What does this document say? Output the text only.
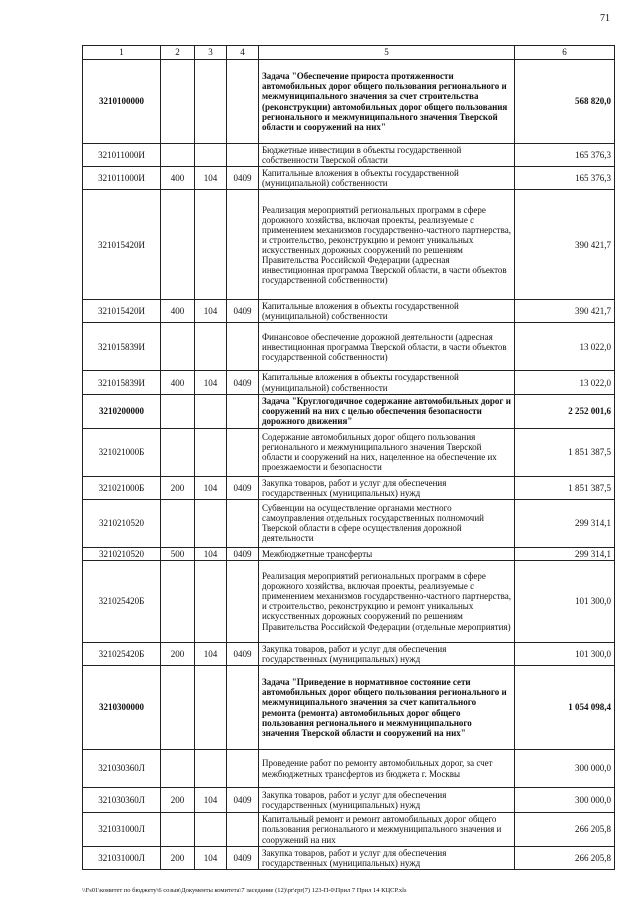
71
1	2	3	4	5	6
3210100000				Задача "Обеспечение прироста протяженности автомобильных дорог общего пользования регионального и межмуниципального значения за счет строительства (реконструкции) автомобильных дорог общего пользования регионального и межмуниципального значения Тверской области и сооружений на них"	568 820,0
321011000И				Бюджетные инвестиции в объекты государственной собственности Тверской области	165 376,3
321011000И	400	104	0409	Капитальные вложения в объекты государственной (муниципальной) собственности	165 376,3
321015420И				Реализация мероприятий региональных программ в сфере дорожного хозяйства, включая проекты, реализуемые с применением механизмов государственно-частного партнерства, и строительство, реконструкцию и ремонт уникальных искусственных дорожных сооружений по решениям Правительства Российской Федерации (адресная инвестиционная программа Тверской области, в части объектов государственной собственности)	390 421,7
321015420И	400	104	0409	Капитальные вложения в объекты государственной (муниципальной) собственности	390 421,7
321015839И				Финансовое обеспечение дорожной деятельности (адресная инвестиционная программа Тверской области, в части объектов государственной собственности)	13 022,0
321015839И	400	104	0409	Капитальные вложения в объекты государственной (муниципальной) собственности	13 022,0
3210200000				Задача "Круглогодичное содержание автомобильных дорог и сооружений на них с целью обеспечения безопасности дорожного движения"	2 252 001,6
321021000Б				Содержание автомобильных дорог общего пользования регионального и межмуниципального значения Тверской области и сооружений на них, нацеленное на обеспечение их проезжаемости и безопасности	1 851 387,5
321021000Б	200	104	0409	Закупка товаров, работ и услуг для обеспечения государственных (муниципальных) нужд	1 851 387,5
3210210520				Субвенции на осуществление органами местного самоуправления отдельных государственных полномочий Тверской области в сфере осуществления дорожной деятельности	299 314,1
3210210520	500	104	0409	Межбюджетные трансферты	299 314,1
321025420Б				Реализация мероприятий региональных программ в сфере дорожного хозяйства, включая проекты, реализуемые с применением механизмов государственно-частного партнерства, и строительство, реконструкцию и ремонт уникальных искусственных дорожных сооружений по решениям Правительства Российской Федерации (отдельные мероприятия)	101 300,0
321025420Б	200	104	0409	Закупка товаров, работ и услуг для обеспечения государственных (муниципальных) нужд	101 300,0
3210300000				Задача "Приведение в нормативное состояние сети автомобильных дорог общего пользования регионального и межмуниципального значения за счет капитального ремонта (ремонта) автомобильных дорог общего пользования регионального и межмуниципального значения Тверской области и сооружений на них"	1 054 098,4
321030360Л				Проведение работ по ремонту автомобильных дорог, за счет межбюджетных трансфертов из бюджета г. Москвы	300 000,0
321030360Л	200	104	0409	Закупка товаров, работ и услуг для обеспечения государственных (муниципальных) нужд	300 000,0
321031000Л				Капитальный ремонт и ремонт автомобильных дорог общего пользования регионального и межмуниципального значения и сооружений на них	266 205,8
321031000Л	200	104	0409	Закупка товаров, работ и услуг для обеспечения государственных (муниципальных) нужд	266 205,8
\\Fs01\комитет по бюджету\6 созыв\Документы комитета\7 заседание (12)\pr\rpr(7) 123-П-0\Прил 7 Прил 14 КЦСР.xls
